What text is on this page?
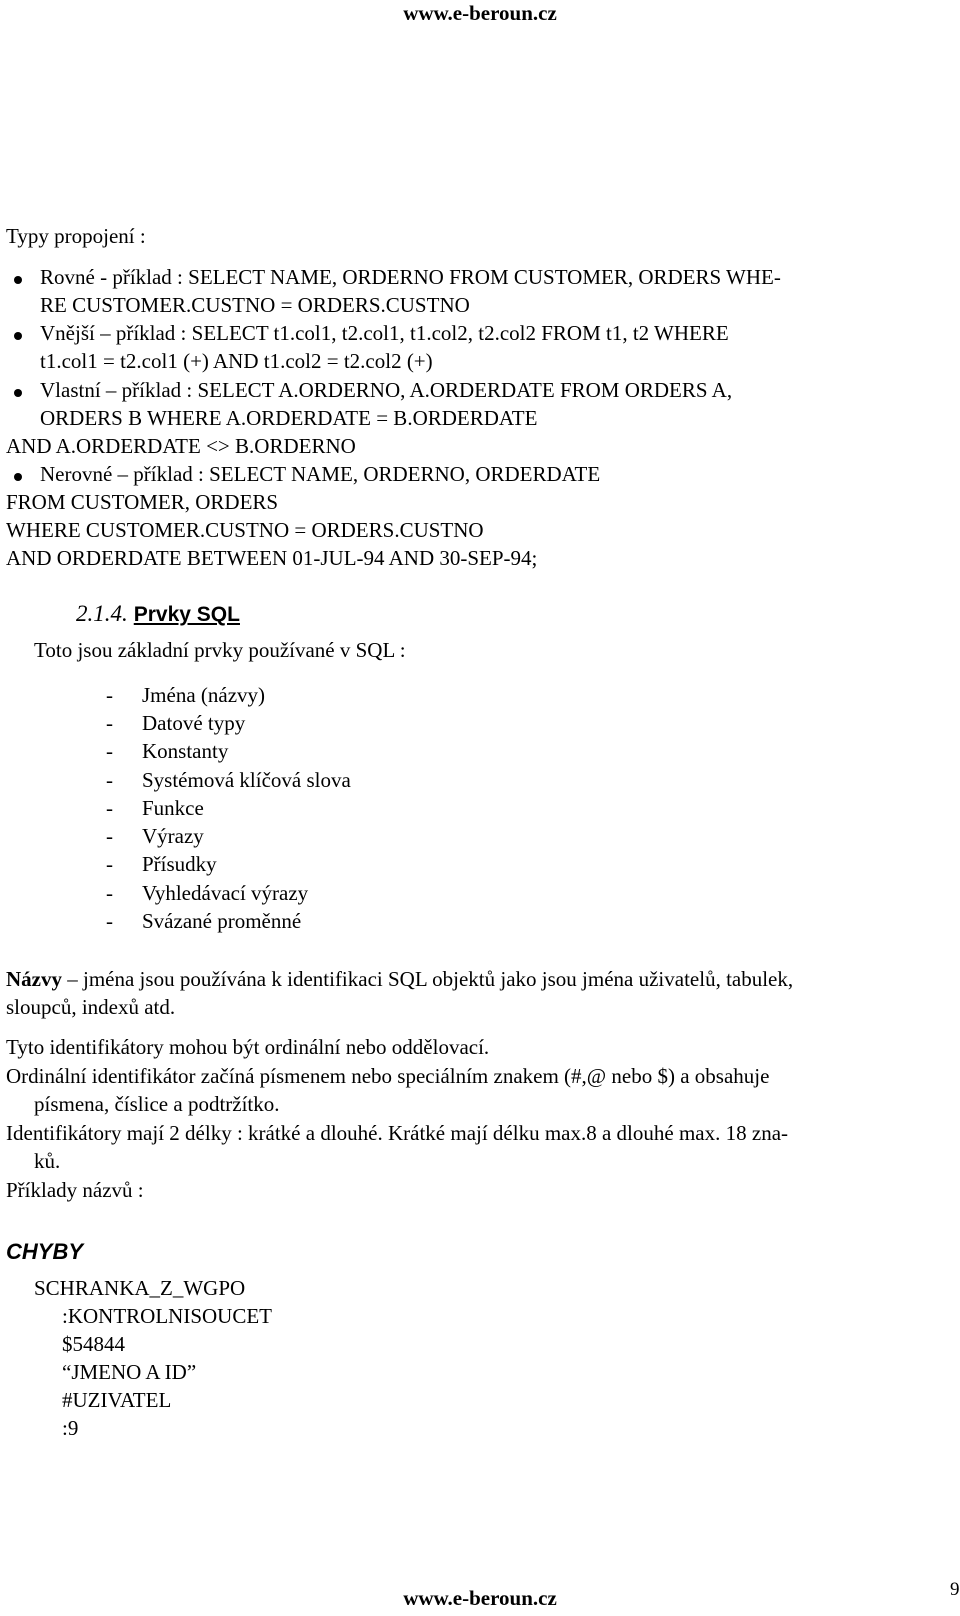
www.e-beroun.cz
Typy propojení :
Rovné - příklad : SELECT NAME, ORDERNO FROM CUSTOMER, ORDERS WHE-
RE CUSTOMER.CUSTNO = ORDERS.CUSTNO
Vnější – příklad : SELECT t1.col1, t2.col1, t1.col2, t2.col2 FROM t1, t2 WHERE
t1.col1 = t2.col1 (+) AND t1.col2 = t2.col2 (+)
Vlastní – příklad : SELECT A.ORDERNO, A.ORDERDATE FROM ORDERS A,
ORDERS B WHERE A.ORDERDATE = B.ORDERDATE
AND A.ORDERDATE <> B.ORDERNO
Nerovné – příklad : SELECT NAME, ORDERNO, ORDERDATE
FROM CUSTOMER, ORDERS
WHERE CUSTOMER.CUSTNO = ORDERS.CUSTNO
AND ORDERDATE BETWEEN 01-JUL-94 AND 30-SEP-94;
2.1.4. Prvky SQL
Toto jsou základní prvky používané v SQL :
- Jména (názvy)
- Datové typy
- Konstanty
- Systémová klíčová slova
- Funkce
- Výrazy
- Přísudky
- Vyhledávací výrazy
- Svázané proměnné
Názvy – jména jsou používána k identifikaci SQL objektů jako jsou jména uživatelů, tabulek,
sloupců, indexů atd.
Tyto identifikátory mohou být ordinální nebo oddělovací.
Ordinální identifikátor začíná písmenem nebo speciálním znakem (#,@ nebo $) a obsahuje
písmena, číslice a podtržítko.
Identifikátory mají 2 délky : krátké a dlouhé. Krátké mají délku max.8 a dlouhé max. 18 zna-
ků.
Příklady názvů :
CHYBY
SCHRANKA_Z_WGPO
:KONTROLNISOUCET
$54844
“JMENO A ID”
#UZIVATEL
:9
www.e-beroun.cz	9
